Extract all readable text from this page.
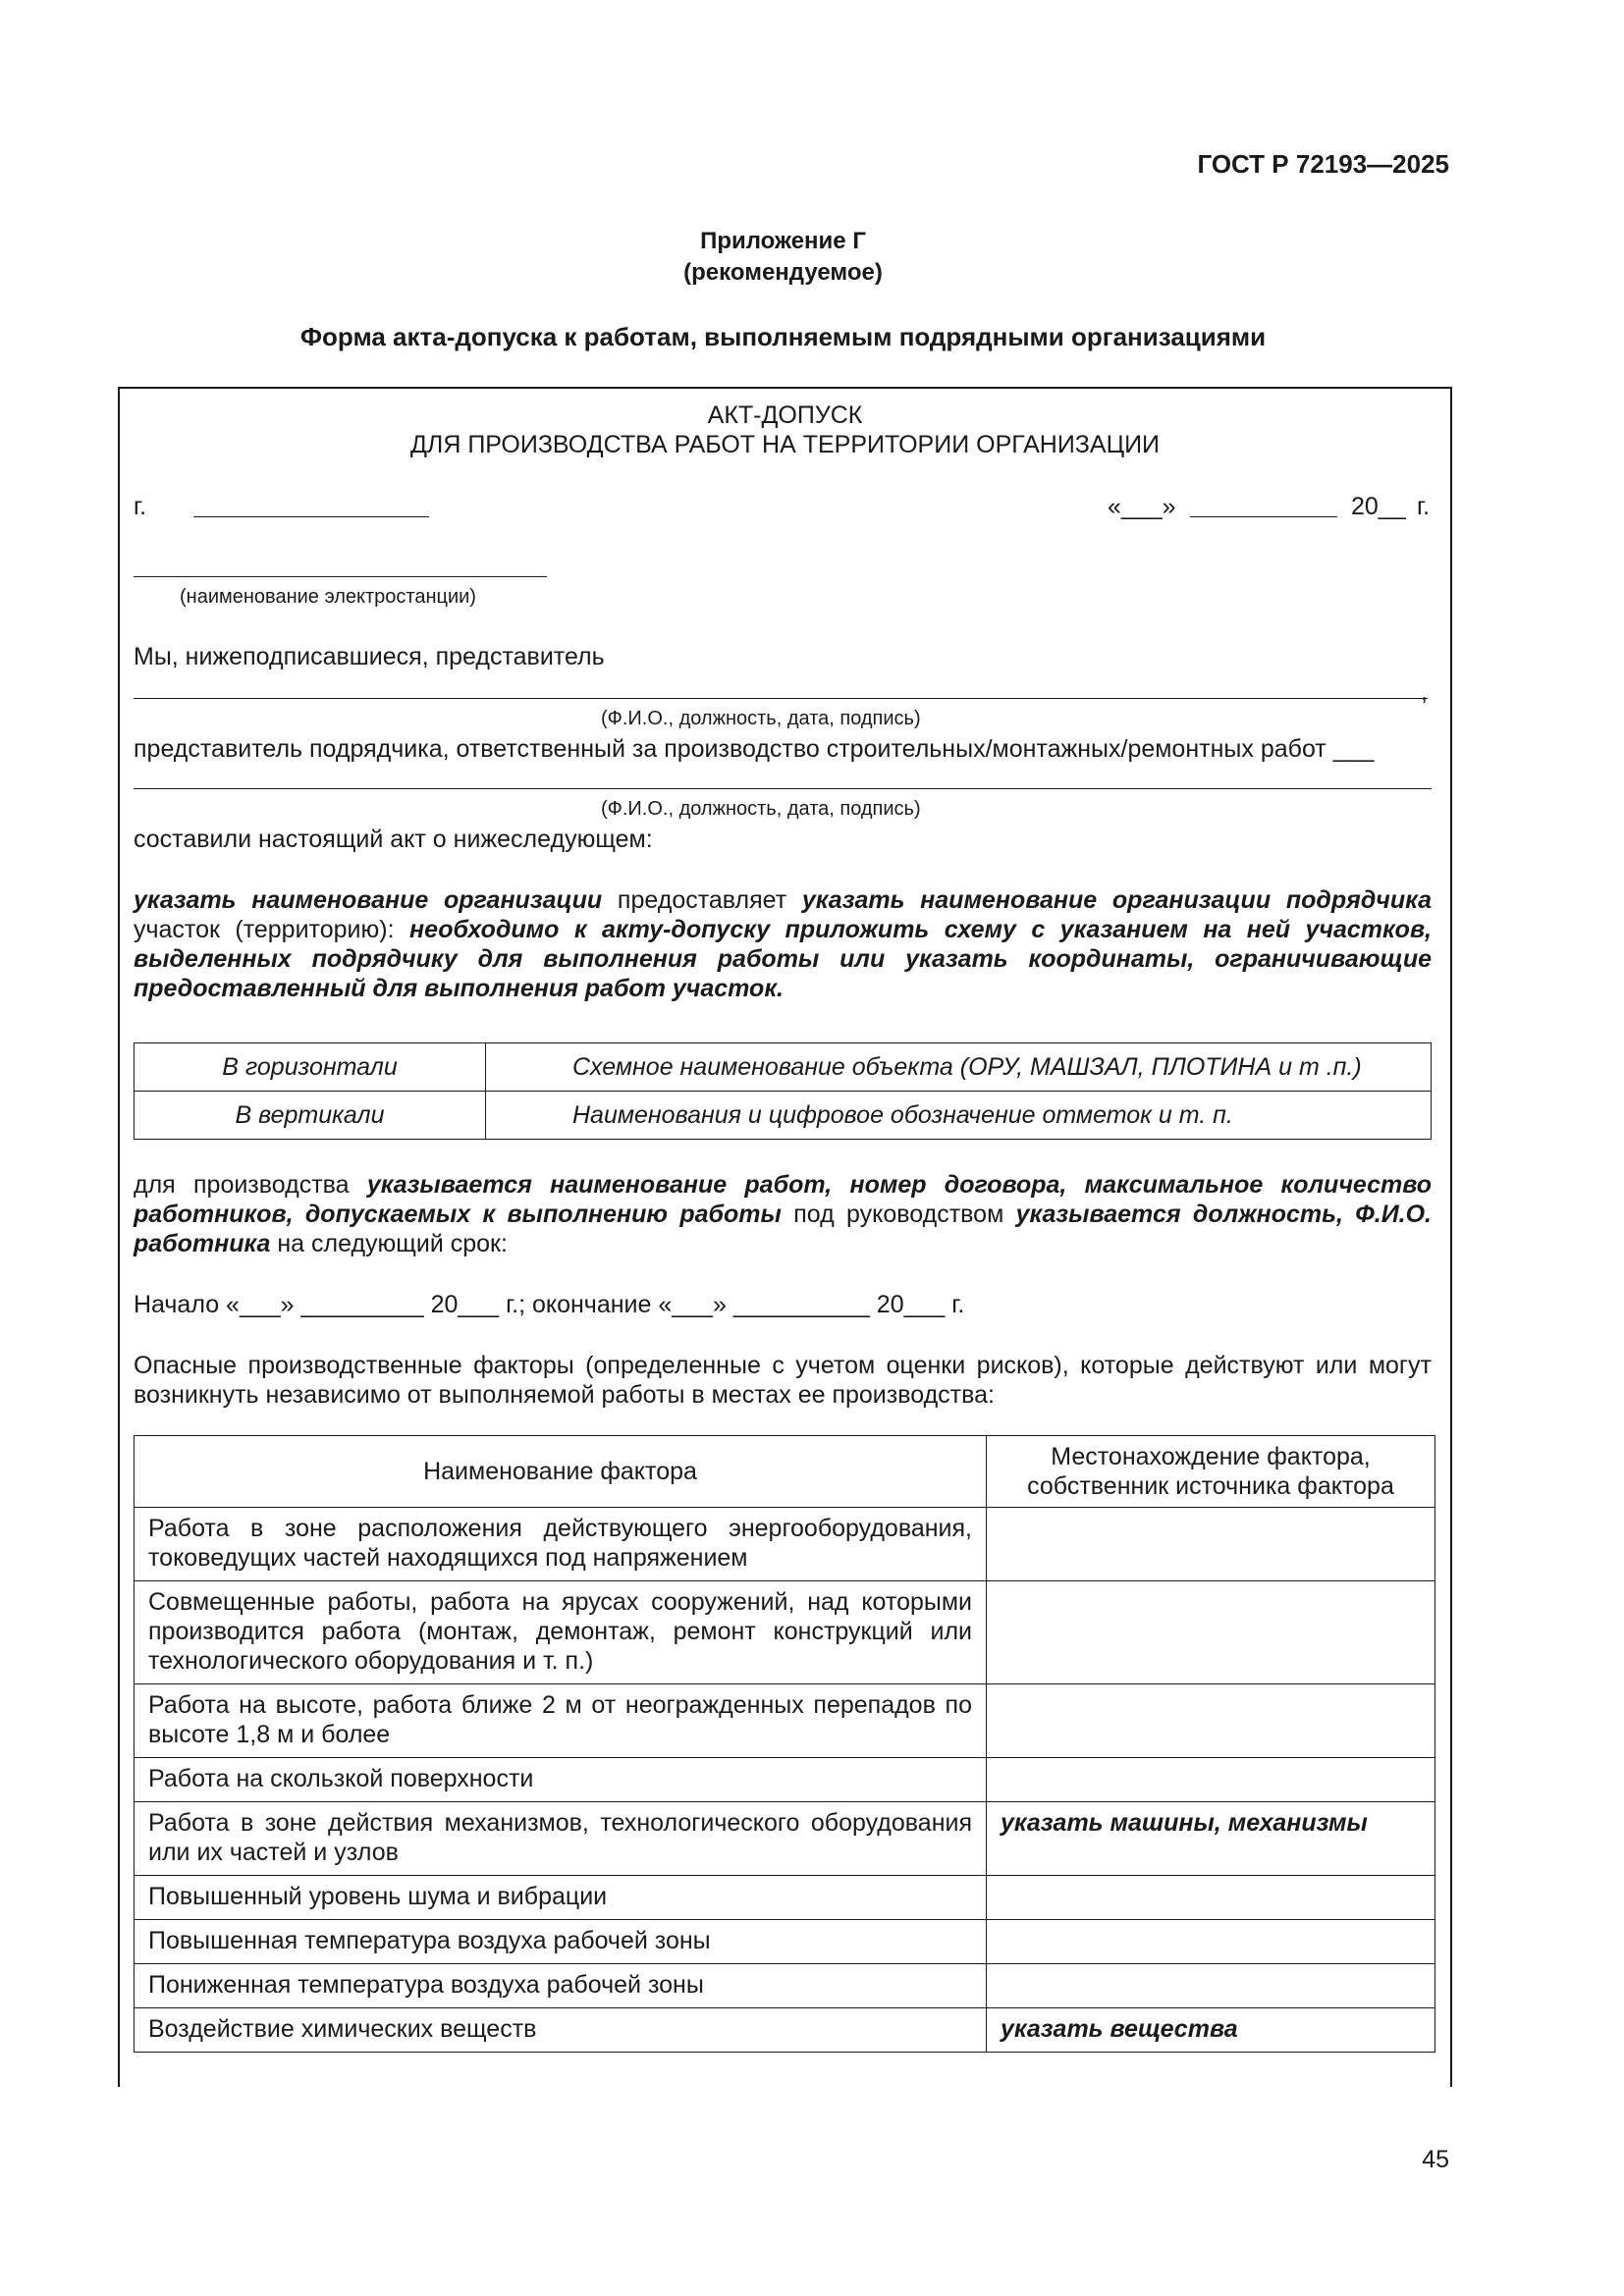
ГОСТ Р 72193—2025
Приложение Г
(рекомендуемое)
Форма акта-допуска к работам, выполняемым подрядными организациями
АКТ-ДОПУСК
ДЛЯ ПРОИЗВОДСТВА РАБОТ НА ТЕРРИТОРИИ ОРГАНИЗАЦИИ
г.	«___»	20__ г.
(наименование электростанции)
Мы, нижеподписавшиеся, представитель
,
(Ф.И.О., должность, дата, подпись)
представитель подрядчика, ответственный за производство строительных/монтажных/ремонтных работ ___
(Ф.И.О., должность, дата, подпись)
составили настоящий акт о нижеследующем:
указать наименование организации предоставляет указать наименование организации подрядчика участок (территорию): необходимо к акту-допуску приложить схему с указанием на ней участков, выделенных подрядчику для выполнения работы или указать координаты, ограничивающие предоставленный для выполнения работ участок.
В горизонтали	Схемное наименование объекта (ОРУ, МАШЗАЛ, ПЛОТИНА и т .п.)
В вертикали	Наименования и цифровое обозначение отметок и т. п.
для производства указывается наименование работ, номер договора, максимальное количество работников, допускаемых к выполнению работы под руководством указывается должность, Ф.И.О. работника на следующий срок:
Начало «___» _________ 20___ г.; окончание «___» __________ 20___ г.
Опасные производственные факторы (определенные с учетом оценки рисков), которые действуют или могут возникнуть независимо от выполняемой работы в местах ее производства:
Наименование фактора	Местонахождение фактора, собственник источника фактора
Работа в зоне расположения действующего энергооборудования, токоведущих частей находящихся под напряжением	
Совмещенные работы, работа на ярусах сооружений, над которыми производится работа (монтаж, демонтаж, ремонт конструкций или технологического оборудования и т. п.)	
Работа на высоте, работа ближе 2 м от неогражденных перепадов по высоте 1,8 м и более	
Работа на скользкой поверхности	
Работа в зоне действия механизмов, технологического оборудования или их частей и узлов	указать машины, механизмы
Повышенный уровень шума и вибрации	
Повышенная температура воздуха рабочей зоны	
Пониженная температура воздуха рабочей зоны	
Воздействие химических веществ	указать вещества
45
